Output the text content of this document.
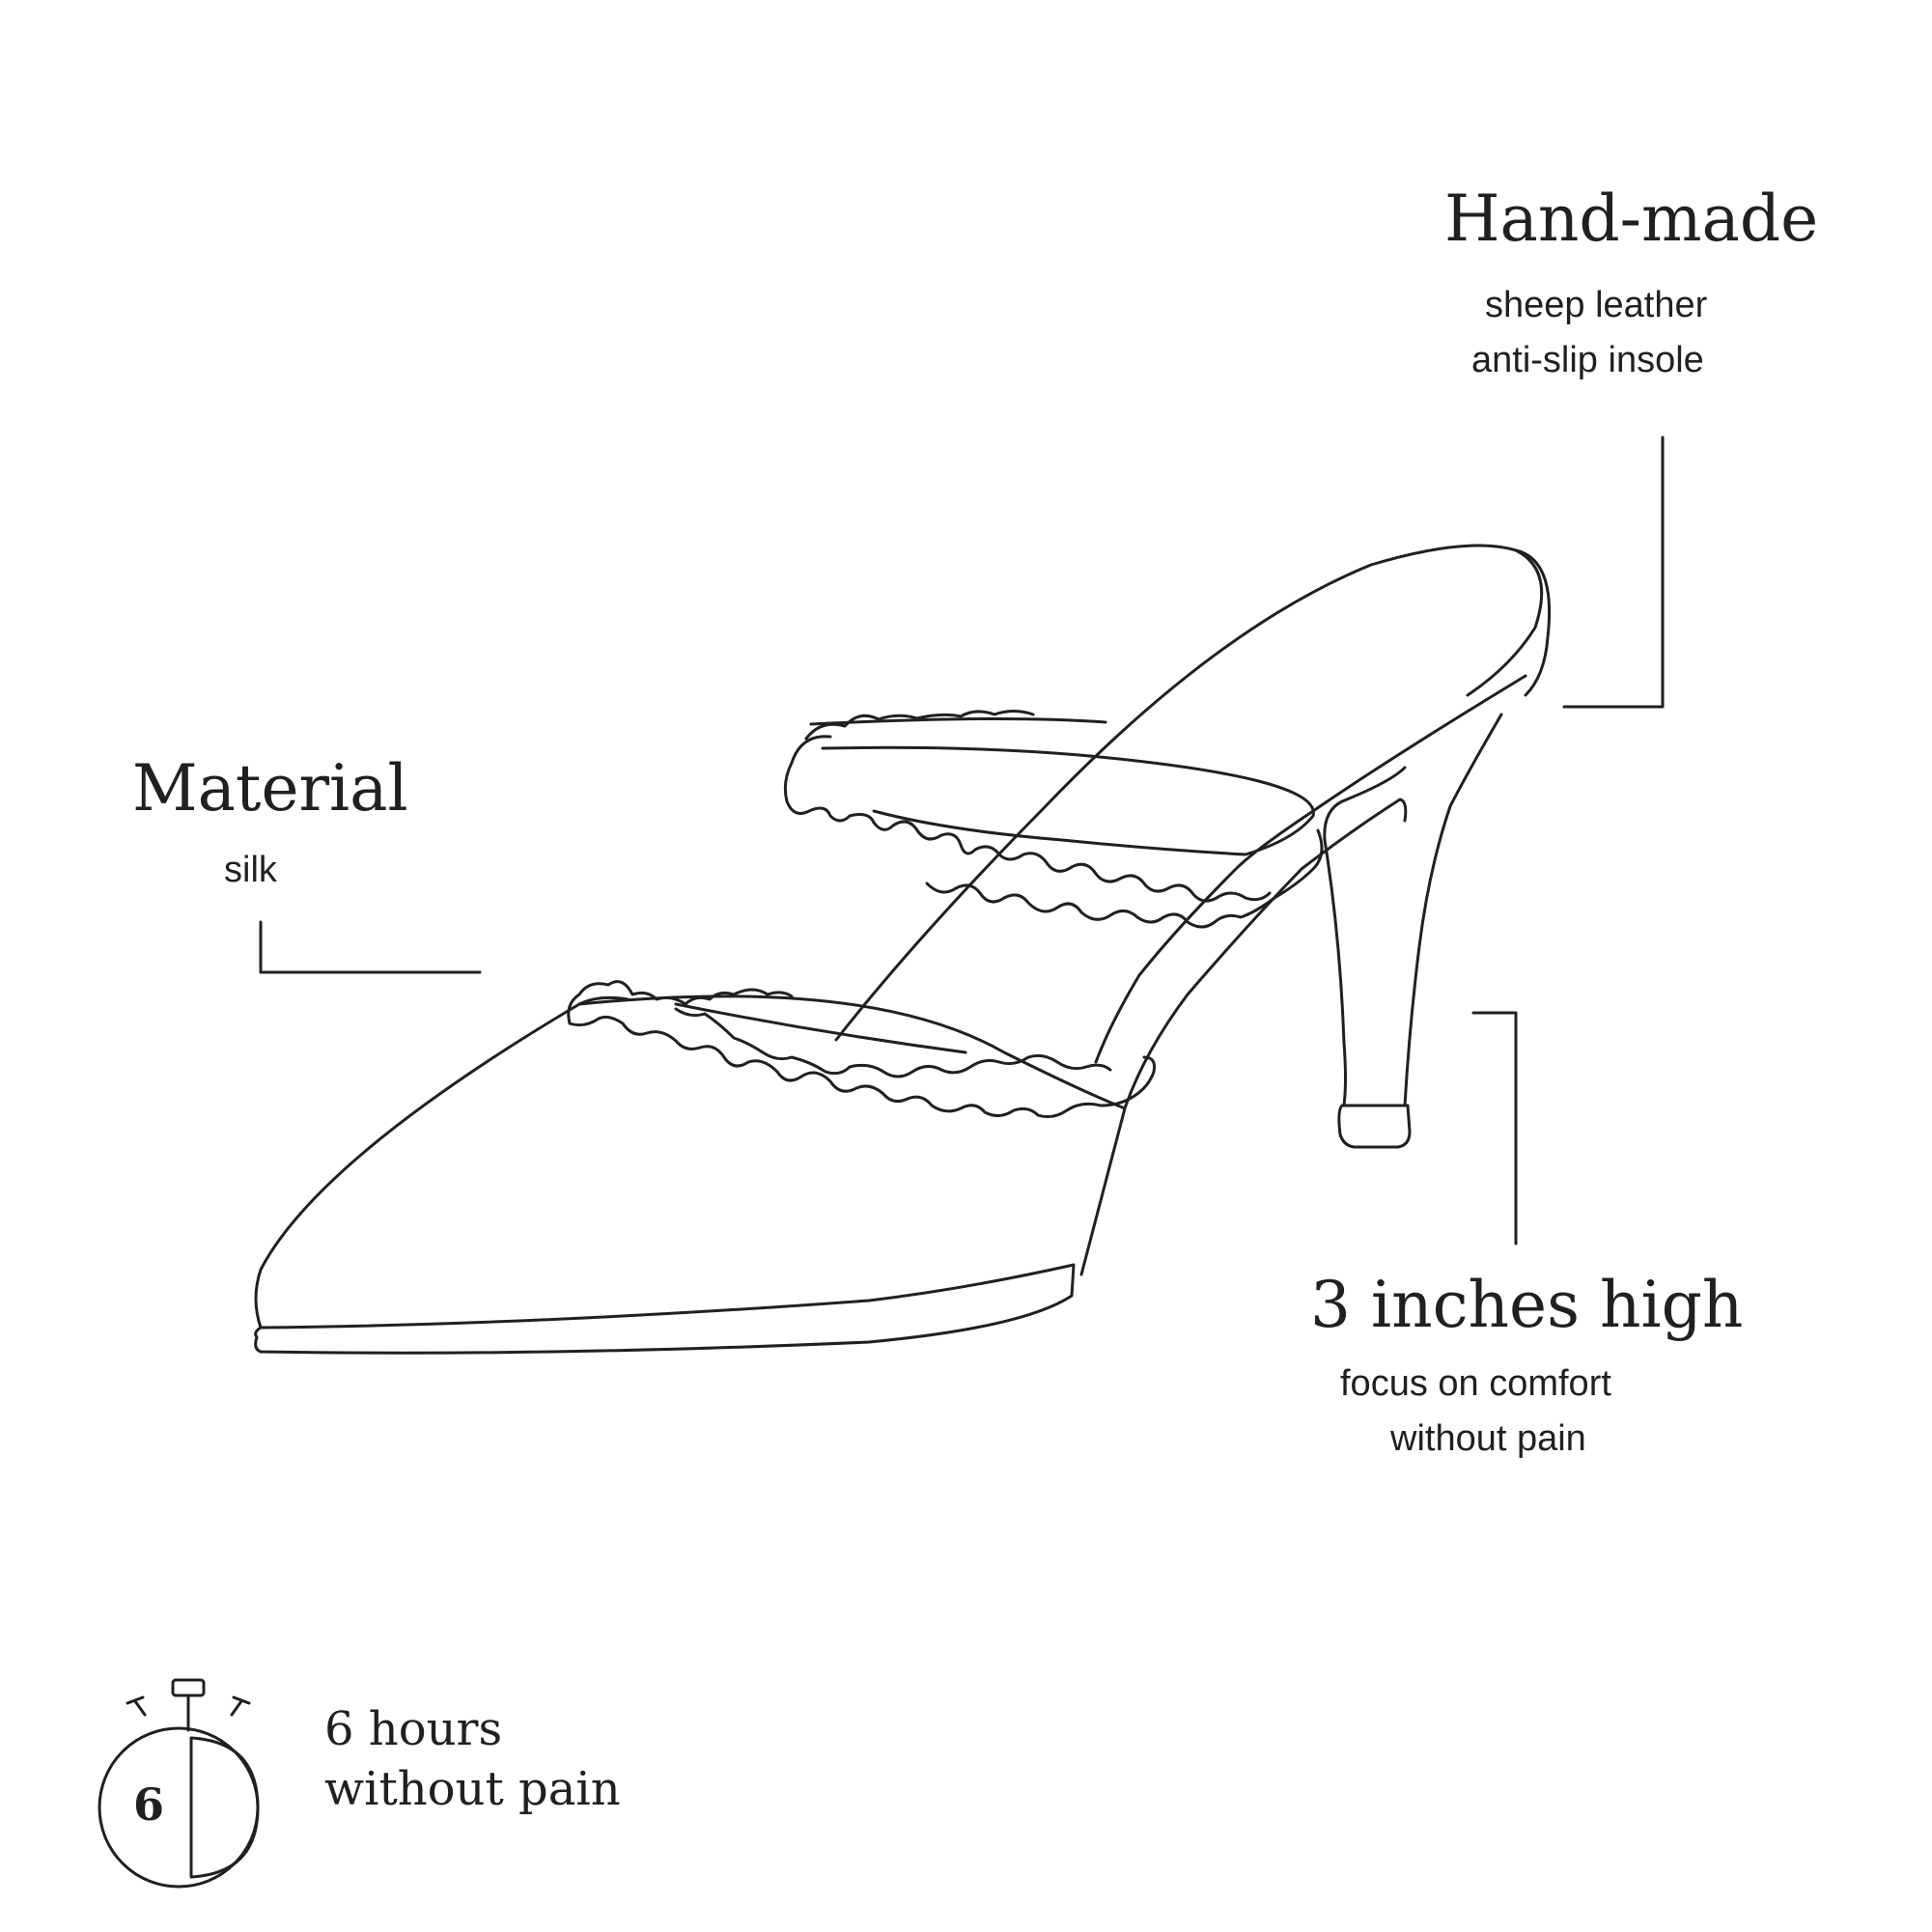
Hand-made
sheep leather
anti-slip insole
Material
silk
3 inches high
focus on comfort
without pain
6
6 hours
without pain
